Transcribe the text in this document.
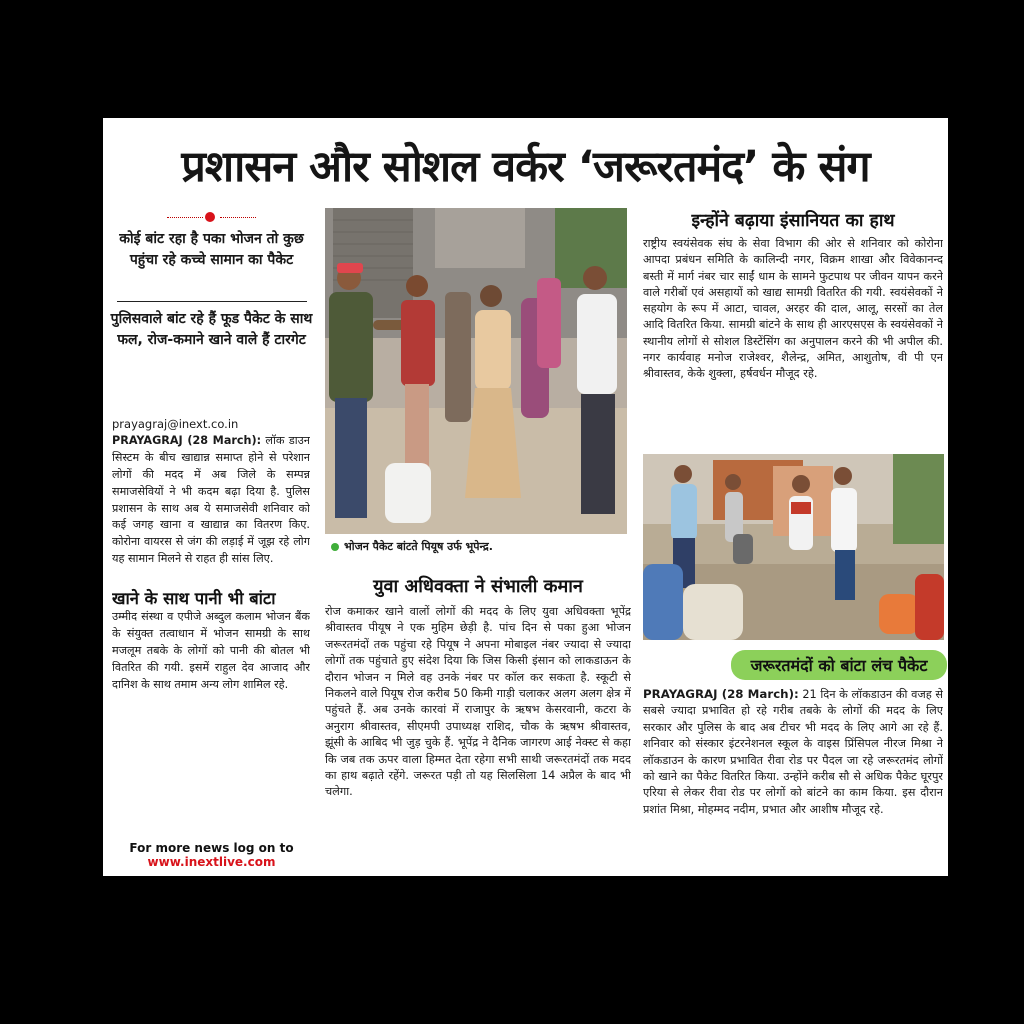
प्रशासन और सोशल वर्कर ‘जरूरतमंद’ के संग
कोई बांट रहा है पका भोजन तो कुछ पहुंचा रहे कच्चे सामान का पैकेट
पुलिसवाले बांट रहे हैं फूड पैकेट के साथ फल, रोज-कमाने खाने वाले हैं टारगेट
prayagraj@inext.co.in
PRAYAGRAJ (28 March): लॉक डाउन सिस्टम के बीच खाद्यान्न समाप्त होने से परेशान लोगों की मदद में अब जिले के सम्पन्न समाजसेवियों ने भी कदम बढ़ा दिया है. पुलिस प्रशासन के साथ अब ये समाजसेवी शनिवार को कई जगह खाना व खाद्यान्न का वितरण किए. कोरोना वायरस से जंग की लड़ाई में जूझ रहे लोग यह सामान मिलने से राहत ही सांस लिए.
खाने के साथ पानी भी बांटा
उम्मीद संस्था व एपीजे अब्दुल कलाम भोजन बैंक के संयुक्त तत्वाधान में भोजन सामग्री के साथ मजलूम तबके के लोगों को पानी की बोतल भी वितरित की गयी. इसमें राहुल देव आजाद और दानिश के साथ तमाम अन्य लोग शामिल रहे.
For more news log on to
www.inextlive.com
भोजन पैकेट बांटते पियूष उर्फ भूपेन्द्र.
युवा अधिवक्ता ने संभाली कमान
रोज कमाकर खाने वालों लोगों की मदद के लिए युवा अधिवक्ता भूपेंद्र श्रीवास्तव पीयूष ने एक मुहिम छेड़ी है. पांच दिन से पका हुआ भोजन जरूरतमंदों तक पहुंचा रहे पियूष ने अपना मोबाइल नंबर ज्यादा से ज्यादा लोगों तक पहुंचाते हुए संदेश दिया कि जिस किसी इंसान को लाकडाऊन के दौरान भोजन न मिले वह उनके नंबर पर कॉल कर सकता है. स्कूटी से निकलने वाले पियूष रोज करीब 50 किमी गाड़ी चलाकर अलग अलग क्षेत्र में पहुंचते हैं. अब उनके कारवां में राजापुर के ऋषभ केसरवानी, कटरा के अनुराग श्रीवास्तव, सीएमपी उपाध्यक्ष राशिद, चौक के ऋषभ श्रीवास्तव, झूंसी के आबिद भी जुड़ चुके हैं. भूपेंद्र ने दैनिक जागरण आई नेक्स्ट से कहा कि जब तक ऊपर वाला हिम्मत देता रहेगा सभी साथी जरूरतमंदों तक मदद का हाथ बढ़ाते रहेंगे. जरूरत पड़ी तो यह सिलसिला 14 अप्रैल के बाद भी चलेगा.
इन्होंने बढ़ाया इंसानियत का हाथ
राष्ट्रीय स्वयंसेवक संघ के सेवा विभाग की ओर से शनिवार को कोरोना आपदा प्रबंधन समिति के कालिन्दी नगर, विक्रम शाखा और विवेकानन्द बस्ती में मार्ग नंबर चार साईं धाम के सामने फुटपाथ पर जीवन यापन करने वाले गरीबों एवं असहायों को खाद्य सामग्री वितरित की गयी. स्वयंसेवकों ने सहयोग के रूप में आटा, चावल, अरहर की दाल, आलू, सरसों का तेल आदि वितरित किया. सामग्री बांटने के साथ ही आरएसएस के स्वयंसेवकों ने स्थानीय लोगों से सोशल डिस्टेंसिंग का अनुपालन करने की भी अपील की. नगर कार्यवाह मनोज राजेश्वर, शैलेन्द्र, अमित, आशुतोष, वी पी एन श्रीवास्तव, केके शुक्ला, हर्षवर्धन मौजूद रहे.
जरूरतमंदों को बांटा लंच पैकेट
PRAYAGRAJ (28 March): 21 दिन के लॉकडाउन की वजह से सबसे ज्यादा प्रभावित हो रहे गरीब तबके के लोगों की मदद के लिए सरकार और पुलिस के बाद अब टीचर भी मदद के लिए आगे आ रहे हैं. शनिवार को संस्कार इंटरनेशनल स्कूल के वाइस प्रिंसिपल नीरज मिश्रा ने लॉकडाउन के कारण प्रभावित रीवा रोड पर पैदल जा रहे जरूरतमंद लोगों को खाने का पैकेट वितरित किया. उन्होंने करीब सौ से अधिक पैकेट घूरपुर एरिया से लेकर रीवा रोड पर लोगों को बांटने का काम किया. इस दौरान प्रशांत मिश्रा, मोहम्मद नदीम, प्रभात और आशीष मौजूद रहे.
